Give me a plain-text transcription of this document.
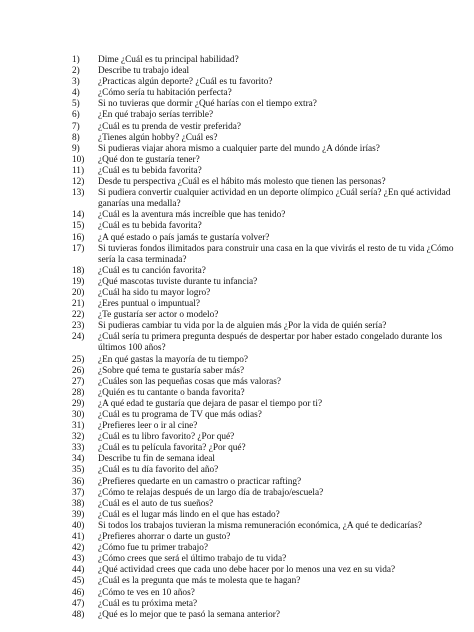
1)	Dime ¿Cuál es tu principal habilidad?
2)	Describe tu trabajo ideal
3)	¿Practicas algún deporte? ¿Cuál es tu favorito?
4)	¿Cómo sería tu habitación perfecta?
5)	Si no tuvieras que dormir ¿Qué harías con el tiempo extra?
6)	¿En qué trabajo serías terrible?
7)	¿Cuál es tu prenda de vestir preferida?
8)	¿Tienes algún hobby? ¿Cuál es?
9)	Si pudieras viajar ahora mismo a cualquier parte del mundo ¿A dónde irías?
10)	¿Qué don te gustaría tener?
11)	¿Cuál es tu bebida favorita?
12)	Desde tu perspectiva ¿Cuál es el hábito más molesto que tienen las personas?
13)	Si pudiera convertir cualquier actividad en un deporte olímpico ¿Cuál sería? ¿En qué actividad ganarías una medalla?
14)	¿Cuál es la aventura más increíble que has tenido?
15)	¿Cuál es tu bebida favorita?
16)	¿A qué estado o país jamás te gustaría volver?
17)	Si tuvieras fondos ilimitados para construir una casa en la que vivirás el resto de tu vida ¿Cómo sería la casa terminada?
18)	¿Cuál es tu canción favorita?
19)	¿Qué mascotas tuviste durante tu infancia?
20)	¿Cuál ha sido tu mayor logro?
21)	¿Eres puntual o impuntual?
22)	¿Te gustaría ser actor o modelo?
23)	Si pudieras cambiar tu vida por la de alguien más ¿Por la vida de quién sería?
24)	¿Cuál sería tu primera pregunta después de despertar por haber estado congelado durante los últimos 100 años?
25)	¿En qué gastas la mayoría de tu tiempo?
26)	¿Sobre qué tema te gustaría saber más?
27)	¿Cuáles son las pequeñas cosas que más valoras?
28)	¿Quién es tu cantante o banda favorita?
29)	¿A qué edad te gustaría que dejara de pasar el tiempo por ti?
30)	¿Cuál es tu programa de TV que más odias?
31)	¿Prefieres leer o ir al cine?
32)	¿Cuál es tu libro favorito? ¿Por qué?
33)	¿Cuál es tu película favorita? ¿Por qué?
34)	Describe tu fin de semana ideal
35)	¿Cuál es tu día favorito del año?
36)	¿Prefieres quedarte en un camastro o practicar rafting?
37)	¿Cómo te relajas después de un largo día de trabajo/escuela?
38)	¿Cuál es el auto de tus sueños?
39)	¿Cuál es el lugar más lindo en el que has estado?
40)	Si todos los trabajos tuvieran la misma remuneración económica, ¿A qué te dedicarías?
41)	¿Prefieres ahorrar o darte un gusto?
42)	¿Cómo fue tu primer trabajo?
43)	¿Cómo crees que será el último trabajo de tu vida?
44)	¿Qué actividad crees que cada uno debe hacer por lo menos una vez en su vida?
45)	¿Cuál es la pregunta que más te molesta que te hagan?
46)	¿Cómo te ves en 10 años?
47)	¿Cuál es tu próxima meta?
48)	¿Qué es lo mejor que te pasó la semana anterior?
